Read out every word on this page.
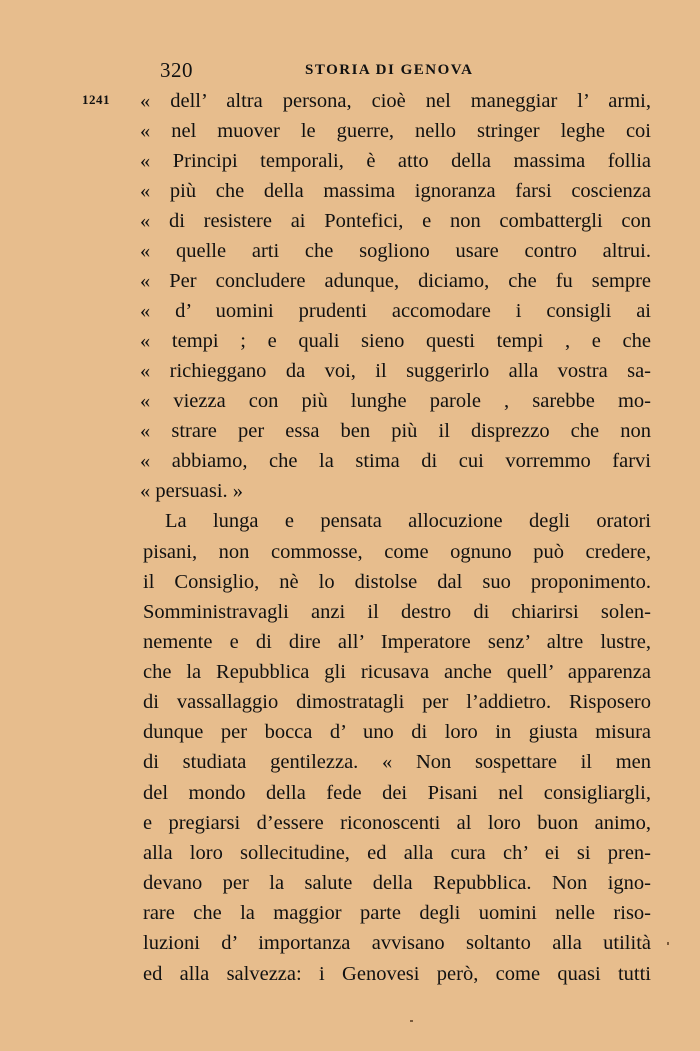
320	STORIA DI GENOVA
1241 « dell’ altra persona, cioè nel maneggiar l’ armi,
« nel muover le guerre, nello stringer leghe coi
« Principi temporali, è atto della massima follia
« più che della massima ignoranza farsi coscienza
« di resistere ai Pontefici, e non combattergli con
« quelle arti che sogliono usare contro altrui.
« Per concludere adunque, diciamo, che fu sempre
« d’ uomini prudenti accomodare i consigli ai
« tempi ; e quali sieno questi tempi , e che
« richieggano da voi, il suggerirlo alla vostra sa-
« viezza con più lunghe parole , sarebbe mo-
« strare per essa ben più il disprezzo che non
« abbiamo, che la stima di cui vorremmo farvi
« persuasi. »
La lunga e pensata allocuzione degli oratori
pisani, non commosse, come ognuno può credere,
il Consiglio, nè lo distolse dal suo proponimento.
Somministravagli anzi il destro di chiarirsi solen-
nemente e di dire all’ Imperatore senz’ altre lustre,
che la Repubblica gli ricusava anche quell’ apparenza
di vassallaggio dimostratagli per l’addietro. Risposero
dunque per bocca d’ uno di loro in giusta misura
di studiata gentilezza. « Non sospettare il men
del mondo della fede dei Pisani nel consigliargli,
e pregiarsi d’essere riconoscenti al loro buon animo,
alla loro sollecitudine, ed alla cura ch’ ei si pren-
devano per la salute della Repubblica. Non igno-
rare che la maggior parte degli uomini nelle riso-
luzioni d’ importanza avvisano soltanto alla utilità
ed alla salvezza: i Genovesi però, come quasi tutti
